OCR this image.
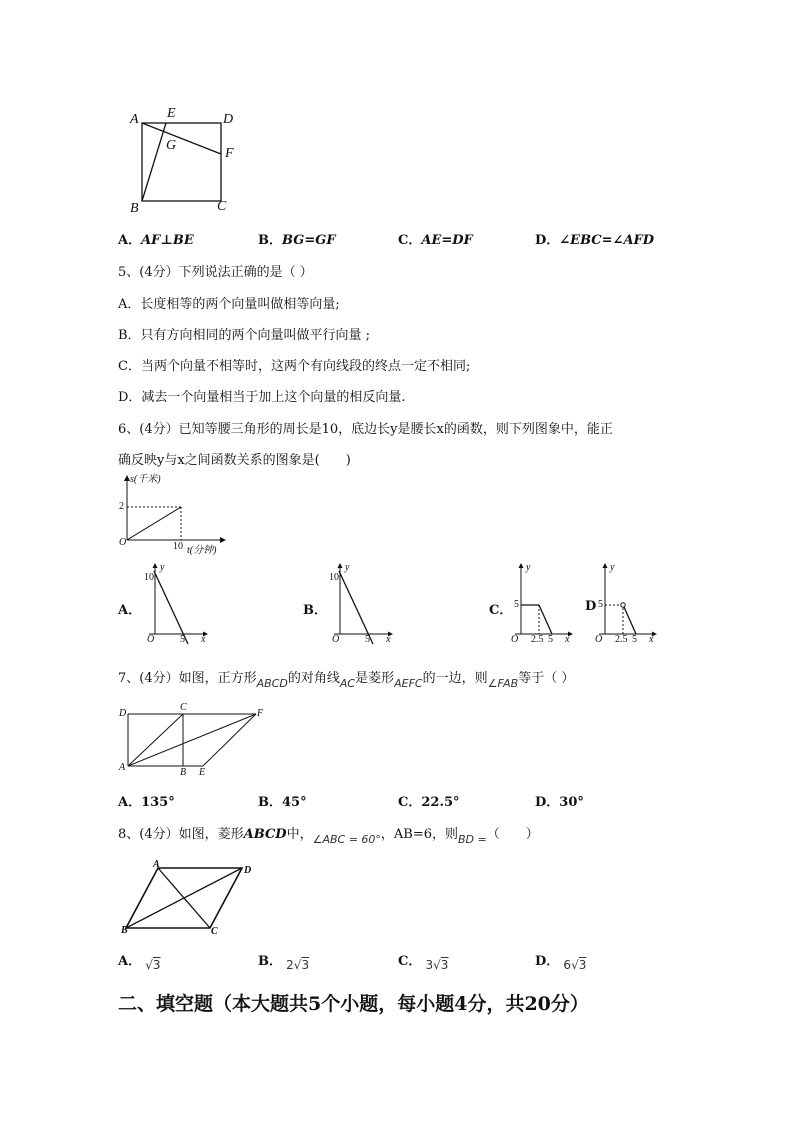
A E	D
G
F
B	C
A．AF⊥BE	B．BG=GF	C．AE=DF	D．∠EBC=∠AFD
5、(4分）下列说法正确的是（ ）
A．长度相等的两个向量叫做相等向量;
B．只有方向相同的两个向量叫做平行向量 ;
C．当两个向量不相等时，这两个有向线段的终点一定不相同;
D．减去一个向量相当于加上这个向量的相反向量.
6、(4分）已知等腰三角形的周长是10，底边长y是腰长x的函数，则下列图象中，能正
确反映y与x之间函数关系的图象是(　　)
s(千米)
2
O	10 t(分钟)
A．
10
y
O	5 x
B．
10
y
O	5 x
C． 5
y
O 2.5 5 x
D 5
y
O 2.5 5 x
7、(4分）如图，正方形$_{ABCD}$的对角线$_{AC}$是菱形$_{AEFC}$的一边，则$_{\angle FAB}$等于（ ）
D
C
F
A	B E
A．135°	B．45°	C．22.5°	D．30°
8、(4分）如图，菱形ABCD中，$_{\angle ABC = 60^\circ}$，AB=6，则$_{BD =}$（　　）
A
D
B	C
A． √3	B． 2√3	C． 3√3	D． 6√3
二、填空题（本大题共5个小题，每小题4分，共20分）
